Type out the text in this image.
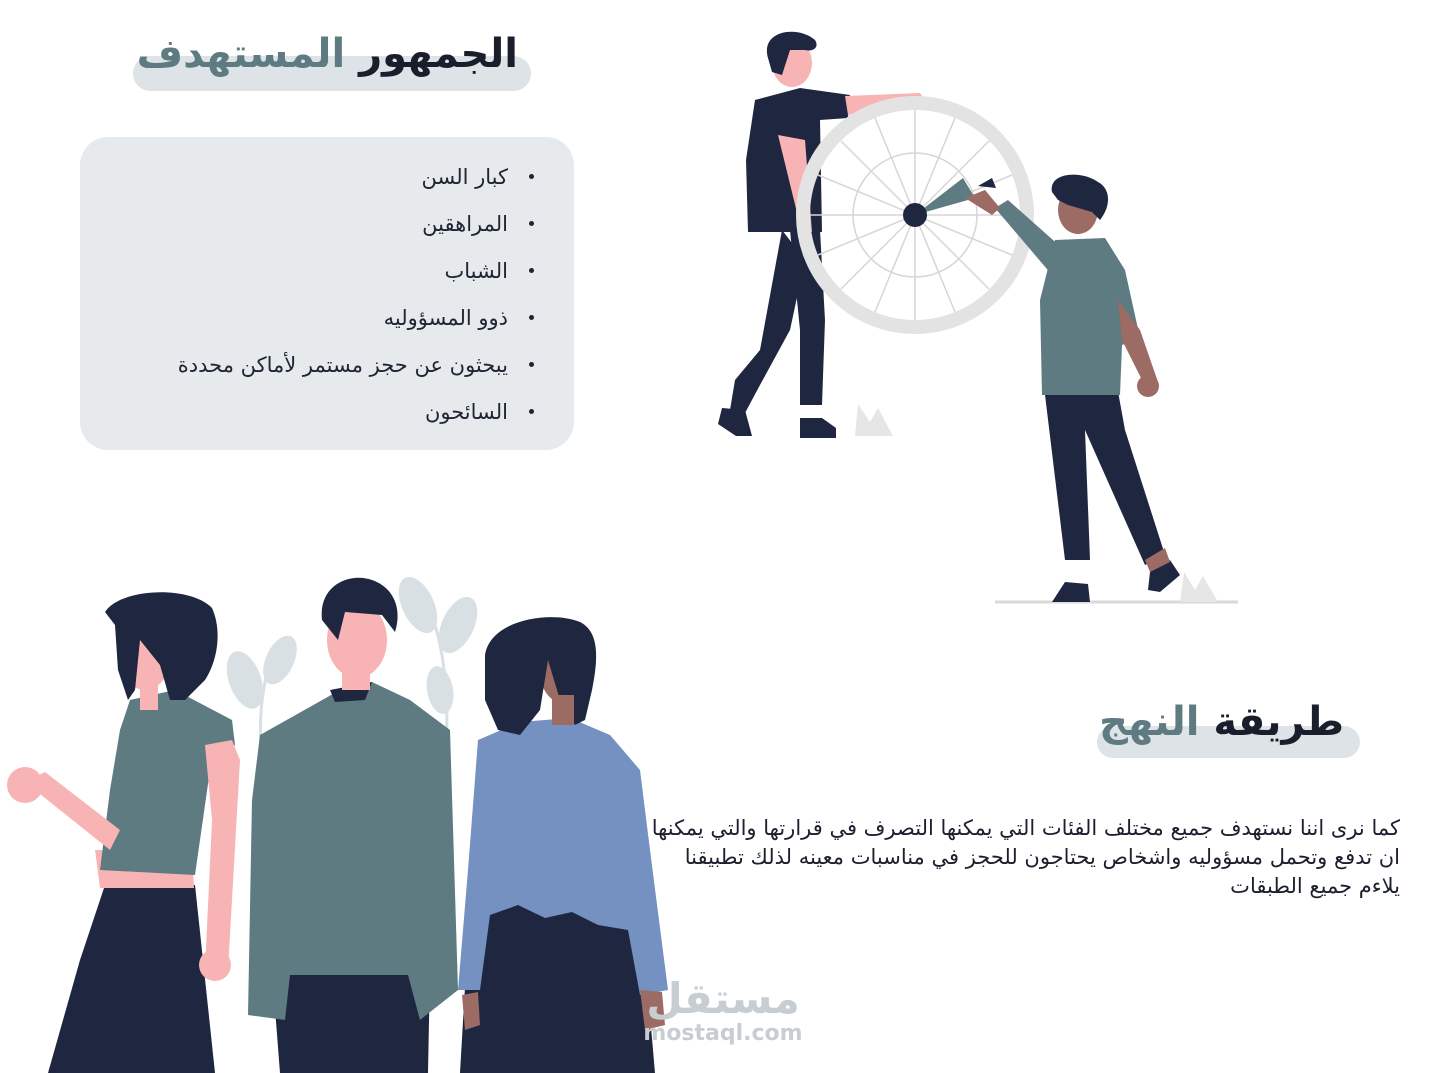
الجمهور المستهدف
كبار السن
المراهقين
الشباب
ذوو المسؤوليه
يبحثون عن حجز مستمر لأماكن محددة
السائحون
طريقة النهج
كما نرى اننا نستهدف جميع مختلف الفئات التي يمكنها التصرف في قرارتها والتي يمكنها ان تدفع وتحمل مسؤوليه واشخاص يحتاجون للحجز في مناسبات معينه لذلك تطبيقنا يلاءم جميع الطبقات
مستقل
mostaql.com
